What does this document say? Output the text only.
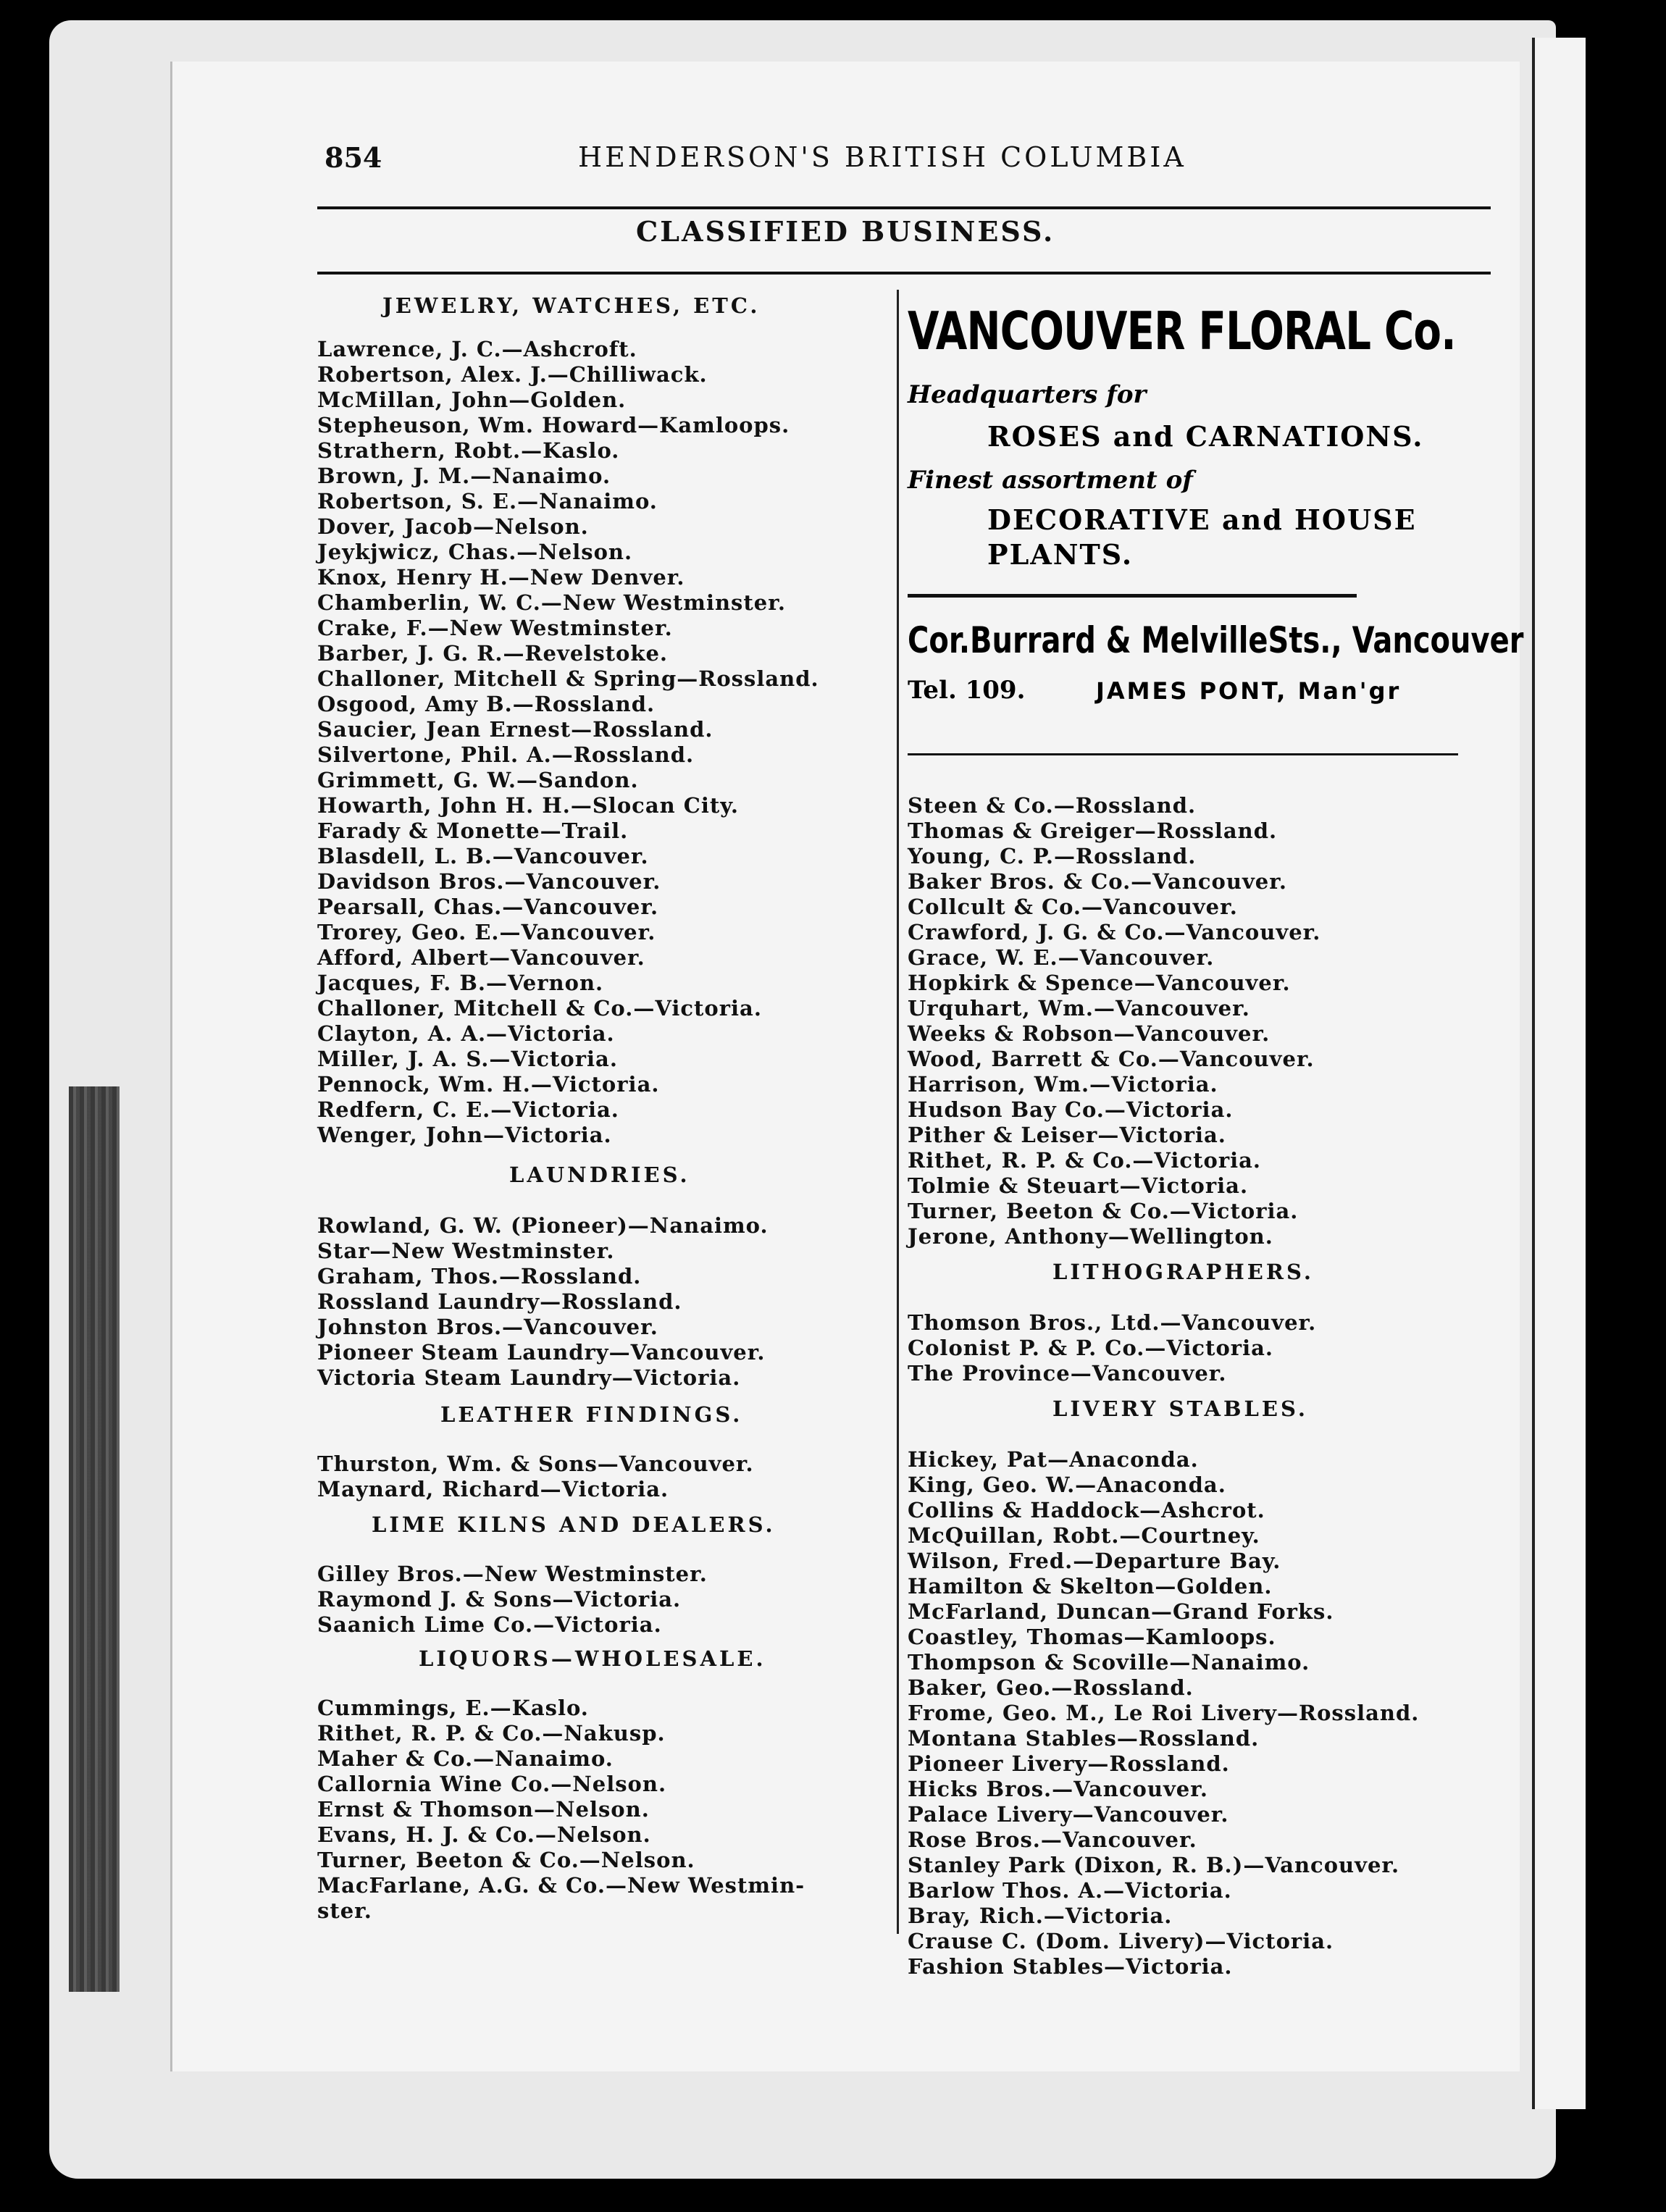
854	HENDERSON'S BRITISH COLUMBIA
CLASSIFIED BUSINESS.
JEWELRY, WATCHES, ETC.
Lawrence, J. C.—Ashcroft.
Robertson, Alex. J.—Chilliwack.
McMillan, John—Golden.
Stepheuson, Wm. Howard—Kamloops.
Strathern, Robt.—Kaslo.
Brown, J. M.—Nanaimo.
Robertson, S. E.—Nanaimo.
Dover, Jacob—Nelson.
Jeykjwicz, Chas.—Nelson.
Knox, Henry H.—New Denver.
Chamberlin, W. C.—New Westminster.
Crake, F.—New Westminster.
Barber, J. G. R.—Revelstoke.
Challoner, Mitchell & Spring—Rossland.
Osgood, Amy B.—Rossland.
Saucier, Jean Ernest—Rossland.
Silvertone, Phil. A.—Rossland.
Grimmett, G. W.—Sandon.
Howarth, John H. H.—Slocan City.
Farady & Monette—Trail.
Blasdell, L. B.—Vancouver.
Davidson Bros.—Vancouver.
Pearsall, Chas.—Vancouver.
Trorey, Geo. E.—Vancouver.
Afford, Albert—Vancouver.
Jacques, F. B.—Vernon.
Challoner, Mitchell & Co.—Victoria.
Clayton, A. A.—Victoria.
Miller, J. A. S.—Victoria.
Pennock, Wm. H.—Victoria.
Redfern, C. E.—Victoria.
Wenger, John—Victoria.
LAUNDRIES.
Rowland, G. W. (Pioneer)—Nanaimo.
Star—New Westminster.
Graham, Thos.—Rossland.
Rossland Laundry—Rossland.
Johnston Bros.—Vancouver.
Pioneer Steam Laundry—Vancouver.
Victoria Steam Laundry—Victoria.
LEATHER FINDINGS.
Thurston, Wm. & Sons—Vancouver.
Maynard, Richard—Victoria.
LIME KILNS AND DEALERS.
Gilley Bros.—New Westminster.
Raymond J. & Sons—Victoria.
Saanich Lime Co.—Victoria.
LIQUORS—WHOLESALE.
Cummings, E.—Kaslo.
Rithet, R. P. & Co.—Nakusp.
Maher & Co.—Nanaimo.
Callornia Wine Co.—Nelson.
Ernst & Thomson—Nelson.
Evans, H. J. & Co.—Nelson.
Turner, Beeton & Co.—Nelson.
MacFarlane, A.G. & Co.—New Westmin-
ster.
VANCOUVER FLORAL Co.
Headquarters for
ROSES and CARNATIONS.
Finest assortment of
DECORATIVE and HOUSE
PLANTS.
Cor.Burrard & MelvilleSts., Vancouver
Tel. 109.	JAMES PONT, Man'gr
Steen & Co.—Rossland.
Thomas & Greiger—Rossland.
Young, C. P.—Rossland.
Baker Bros. & Co.—Vancouver.
Collcult & Co.—Vancouver.
Crawford, J. G. & Co.—Vancouver.
Grace, W. E.—Vancouver.
Hopkirk & Spence—Vancouver.
Urquhart, Wm.—Vancouver.
Weeks & Robson—Vancouver.
Wood, Barrett & Co.—Vancouver.
Harrison, Wm.—Victoria.
Hudson Bay Co.—Victoria.
Pither & Leiser—Victoria.
Rithet, R. P. & Co.—Victoria.
Tolmie & Steuart—Victoria.
Turner, Beeton & Co.—Victoria.
Jerone, Anthony—Wellington.
LITHOGRAPHERS.
Thomson Bros., Ltd.—Vancouver.
Colonist P. & P. Co.—Victoria.
The Province—Vancouver.
LIVERY STABLES.
Hickey, Pat—Anaconda.
King, Geo. W.—Anaconda.
Collins & Haddock—Ashcrot.
McQuillan, Robt.—Courtney.
Wilson, Fred.—Departure Bay.
Hamilton & Skelton—Golden.
McFarland, Duncan—Grand Forks.
Coastley, Thomas—Kamloops.
Thompson & Scoville—Nanaimo.
Baker, Geo.—Rossland.
Frome, Geo. M., Le Roi Livery—Rossland.
Montana Stables—Rossland.
Pioneer Livery—Rossland.
Hicks Bros.—Vancouver.
Palace Livery—Vancouver.
Rose Bros.—Vancouver.
Stanley Park (Dixon, R. B.)—Vancouver.
Barlow Thos. A.—Victoria.
Bray, Rich.—Victoria.
Crause C. (Dom. Livery)—Victoria.
Fashion Stables—Victoria.
